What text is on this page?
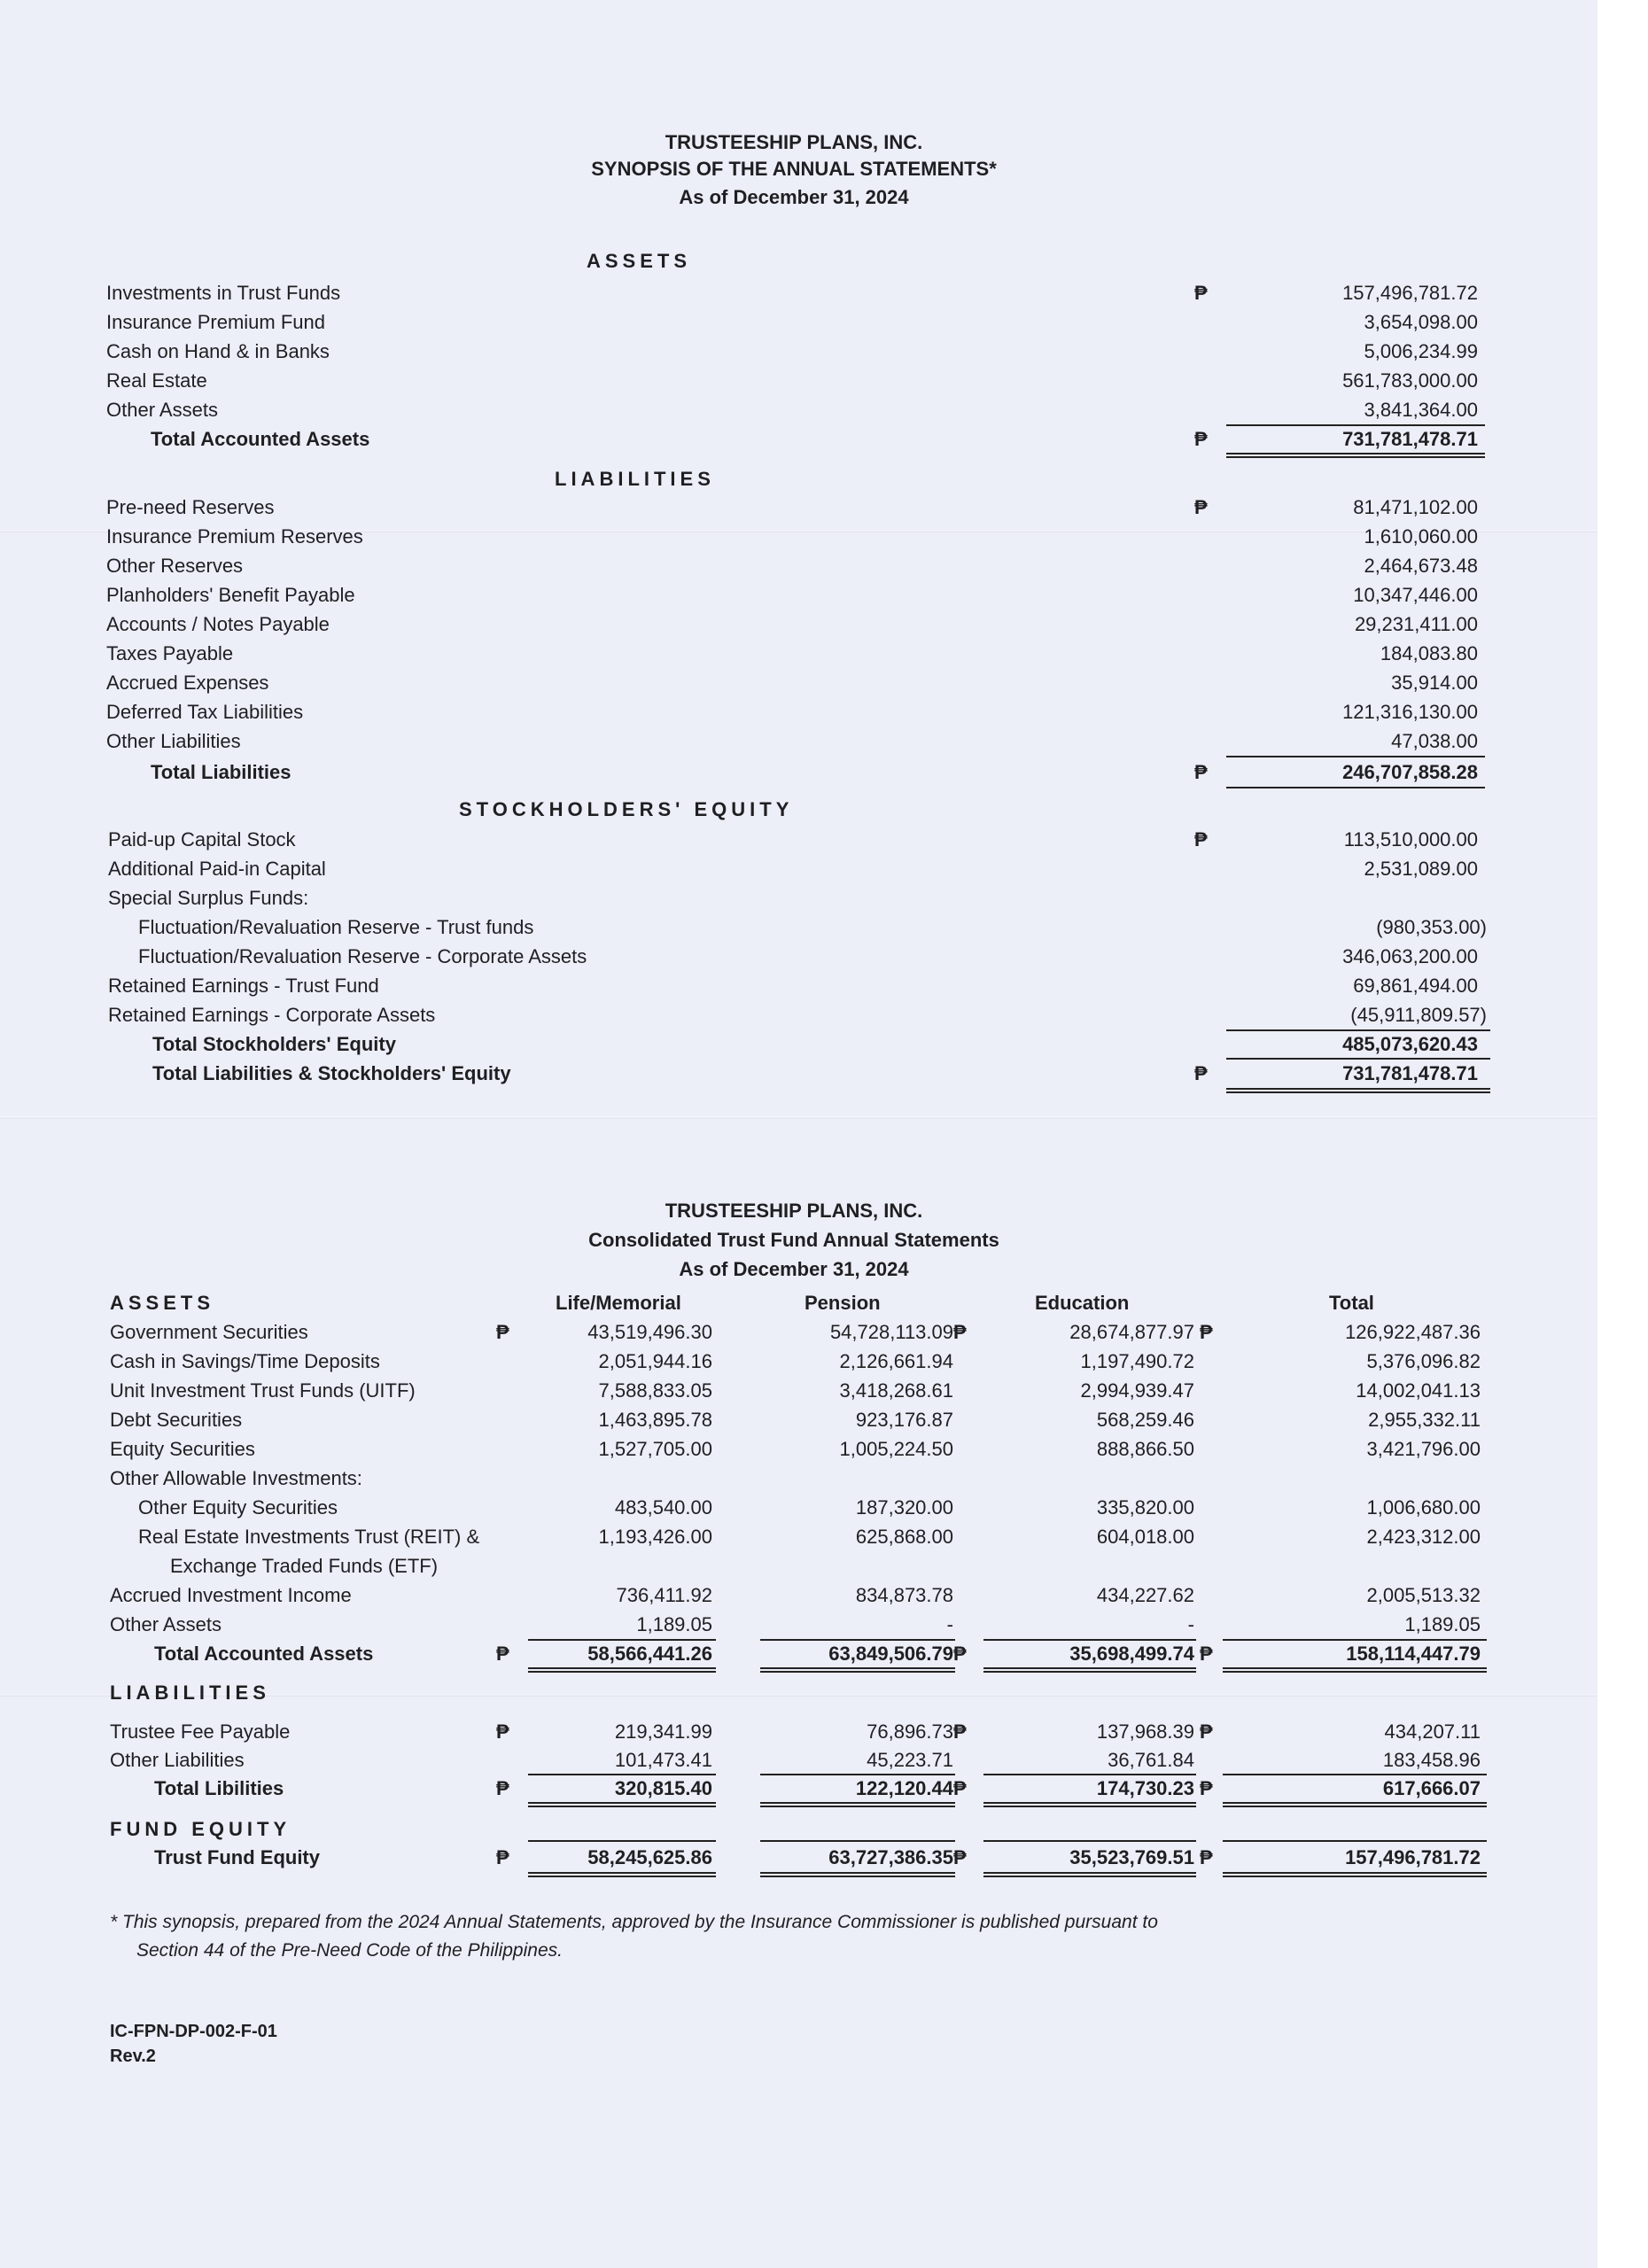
TRUSTEESHIP PLANS, INC.
SYNOPSIS OF THE ANNUAL STATEMENTS*
As of December 31, 2024
ASSETS
Investments in Trust Funds	157,496,781.72
₱
Insurance Premium Fund	3,654,098.00
Cash on Hand & in Banks	5,006,234.99
Real Estate	561,783,000.00
Other Assets	3,841,364.00
Total Accounted Assets	731,781,478.71
₱
LIABILITIES
Pre-need Reserves	81,471,102.00
₱
Insurance Premium Reserves	1,610,060.00
Other Reserves	2,464,673.48
Planholders' Benefit Payable	10,347,446.00
Accounts / Notes Payable	29,231,411.00
Taxes Payable	184,083.80
Accrued Expenses	35,914.00
Deferred Tax Liabilities	121,316,130.00
Other Liabilities	47,038.00
Total Liabilities	246,707,858.28
₱
STOCKHOLDERS' EQUITY
Paid-up Capital Stock	113,510,000.00
₱
Additional Paid-in Capital	2,531,089.00
Special Surplus Funds:
Fluctuation/Revaluation Reserve - Trust funds	(980,353.00)
Fluctuation/Revaluation Reserve - Corporate Assets	346,063,200.00
Retained Earnings - Trust Fund	69,861,494.00
Retained Earnings - Corporate Assets	(45,911,809.57)
Total Stockholders' Equity	485,073,620.43
Total Liabilities & Stockholders' Equity	731,781,478.71
₱
ASSETS	Life/Memorial	Pension	Education	Total
Government Securities	43,519,496.30	54,728,113.09	28,674,877.97	126,922,487.36
₱	₱	₱
Cash in Savings/Time Deposits	2,051,944.16	2,126,661.94	1,197,490.72	5,376,096.82
Unit Investment Trust Funds (UITF)	7,588,833.05	3,418,268.61	2,994,939.47	14,002,041.13
Debt Securities	1,463,895.78	923,176.87	568,259.46	2,955,332.11
Equity Securities	1,527,705.00	1,005,224.50	888,866.50	3,421,796.00
Other Allowable Investments:
Other Equity Securities	483,540.00	187,320.00	335,820.00	1,006,680.00
Real Estate Investments Trust (REIT) &	1,193,426.00	625,868.00	604,018.00	2,423,312.00
Exchange Traded Funds (ETF)
Accrued Investment Income	736,411.92	834,873.78	434,227.62	2,005,513.32
Other Assets	1,189.05	-	-	1,189.05
Total Accounted Assets	58,566,441.26	63,849,506.79	35,698,499.74	158,114,447.79
₱	₱	₱
LIABILITIES
Trustee Fee Payable	219,341.99	76,896.73	137,968.39	434,207.11
₱	₱	₱
Other Liabilities	101,473.41	45,223.71	36,761.84	183,458.96
Total Libilities	320,815.40	122,120.44	174,730.23	617,666.07
₱	₱	₱
FUND EQUITY
Trust Fund Equity	58,245,625.86	63,727,386.35	35,523,769.51	157,496,781.72
₱	₱	₱
TRUSTEESHIP PLANS, INC.
Consolidated Trust Fund Annual Statements
As of December 31, 2024
* This synopsis, prepared from the 2024 Annual Statements, approved by the Insurance Commissioner is published pursuant to
Section 44 of the Pre-Need Code of the Philippines.
IC-FPN-DP-002-F-01
Rev.2
